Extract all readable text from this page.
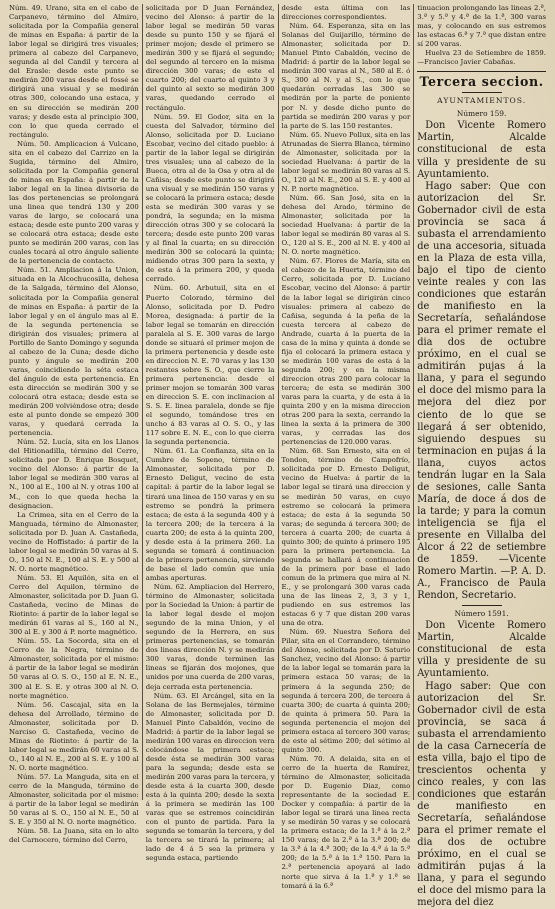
Núm. 49. Urano, sita en el cabo de Carpanevo, término del Almiro, solicitada por la Compañia general de minas en España: á partir de la labor legal se dirigirá tres visuales; primera al cabezo del Carpanevo, segunda al del Candil y tercera al del Erasle: desde este punto se medirán 200 varas desde el fossé se dirigirá una visual y se medirán otras 300, colocando una estaca, y en su dirección se medirán 200 varas; y desde esta al principio 300, con lo que queda cerrado el rectángulo.

Núm. 50. Amplicacion á Vulcano, sita en el cabezo del Carrizo en la Sugida, término del Almiro, solicitada por la Compañia general de minas en España: á partir de la labor legal en la linea divisoria de las dos pertenencias se prolongará una linea que tendrá 130 y 200 varas de largo, se colocará una estaca; desde este punto 200 varas y se colocará otra estaca; desde este punto se medirán 200 varas, con las cuales tocará al otro ángulo saliente de la pertenencia de contacto.

Núm. 51. Ampliacion á la Union, situada en la Alcochucosilla, dehesa de la Salgada, término del Alonso, solicitada por la Compañia general de minas en España: á partir de la labor legal y en el ángulo mas al E. de la segunda pertenencia se dirigirán dos visuales; primera al Portillo de Santo Domingo y segunda al cabezo de la Cuna; desde dicho punto y ángulo se medirán 200 varas, coincidiendo la séta estaca del ángulo de esta pertenencia. En esta dirección se medirán 300 y se colocará otra estaca; desde esta se medirán 200 volviéndose otra; desde este al punto donde se empezó 300 varas, y quedará cerrada la pertenencia.

Núm. 52. Lucía, sita en los Llanos del Hitionadilla, término del Cerro, solicitada por D. Enrique Bosquet, vecino del Alonso: á partir de la labor legal se medirán 300 varas al N., 100 al E., 100 al N. y otras 100 al M., con lo que queda hecha la designacion.

La Crimea, sita en el Cerro de la Manguada, término de Almonaster, solicitada por D. Juan A. Castañeda, vecino de Hoffistado: á partir de la labor legal se medirán 50 varas al S. O., 150 al N. E., 100 al S. E. y 500 al N. O. norte magnético.

Núm. 53. El Aquilón, sita en el Cerro del Aquilon, término de Almonaster, solicitada por D. Juan G. Castañeda, vecino de Minas de Riotinto: á partir de la labor legal se medirán 61 varas al S., 160 al N., 300 al E. y 300 á P. norte magnético.

Núm. 55. La Socorda, sita en el Cerro de la Negra, término de Almonaster, solicitada por el mismo: á partir de la labor legal se medirán 50 varas al O. S. O., 150 al E. N. E., 300 al E. S. E. y otras 300 al N. O. norte magnético.

Núm. 56. Cascajal, sita en la dehesa del Arrollado, término de Almonaster, solicitada por D. Narciso G. Castañeda, vecino de Minas de Riotinto: á partir de la labor legal se medirán 60 varas al S. O., 140 al N. E., 200 al S. E. y 100 al N. O. norte magnético.

Núm. 57. La Manguda, sita en el cerro de la Manguda, término de Almonaster, solicitada por el mismo: á partir de la labor legal se medirán 50 varas al S. O., 150 al N. E., 50 al S. E. y 350 al N. O. norte magnético.

Núm. 58. La Juana, sita en lo alto del Carnocero, término del Cerro,

solicitada por D Juan Fernández, vecino del Alonso: á partir de la labor legal se medirán 50 varas desde su punto 150 y se fijará el primer mojon; desde el primero se medirán 300 y se fijará el segundo; del segundo al tercero en la misma dirección 300 varas; de este el cuarto 200; del cuarto al quinto 3 y del quinto al sexto se medirán 300 varas, quedando cerrado el rectángulo.

Núm. 59. El Godor, sita en la cuesta del Salvador, término del Alonso, solicitada por D. Luciano Escobar, vecino del citado pueblo: á partir de la labor legal se dirigirán tres visuales; una al cabezo de la Bueca, otra al de la Osa y otra al de Cañisa; desde este punto se dirigirá una visual y se medirán 150 varas y se colocará la primera estaca; desde esta se medirán 300 varas y se pondrá, la segunda; en la misma dirección otras 300 y se colocará la tercera; desde este punto 200 varas y al final la cuarta; en su dirección medirán 300 se colocará la quinta; midiendo otras 300 para la sexta, y de esta á la primera 200, y queda cerrado.

Núm. 60. Arbutuil, sita en el Puerto Colorado, término del Alonso, solicitada por D. Pedro Morea, designada: á partir de la labor legal se tomarán en dirección paralela al S. E. 300 varas de largo donde se situará el primer mojon de la primera pertenencia y desde este en direccion N. E. 70 varas y las 130 restantes sobre S. O., que cierre la primera pertenencia: desde el primer mojon se tomarán 300 varas en direccion S. E. con inclinacion al S. S. E. linea paralela, donde se fije el segundo, tomándose tres en uncho á 83 varas al O. S. O., y las 117 sobre E. N. E., con lo que cierra la segunda pertenencia.

Núm. 61. La Confianza, sita en la Cumbre de Sopeno, término de Almonaster, solicitada por D. Ernesto Deligut, vecino de esta capital: á partir de la labor legal se tirará una linea de 150 varas y en su estremo se pondrá la primera estaca; de esta á la segunda 400 y á la tercera 200; de la tercera á la cuarta 200; de esta á la quinta 200, y desde esta á la primera 260. La segunda se tomará á continuacion de la primera pertenencia, sirviendo de base el lado común que unía ambas aperturas.

Núm. 62. Ampliacion del Herrero, término de Almonaster, solicitada por la Sociedad la Union: á partir de la labor legal desde el mojon segundo de la mina Union, y el segundo de la Herrera, en sus primeras pertenencias, se tomarán dos lineas dirección N. y se medirán 300 varas, donde terminen las lineas se fijarán dos mojones, que unidos por una cuerda de 200 varas, deja cerrada esta pertenencia.

Núm. 63. El Arcángel, sita en la Solana de las Bermejales, término de Almonaster, solicitada por D. Manuel Pinto Cabaldón, vecino de Madrid: á partir de la labor legal se medirán 100 varas en direccion vera colocándose la primera estaca; desde ésta se medirán 300 varas para la segunda; desde esta se medirán 200 varas para la tercera, y desde esta á la cuarta 300, desde esta á la quinta 200; desde la sexta á la primera se medirán las 100 varas que se estremos coincidirán con el punto de partida. Para la segunda se tomarán la tercera, y del la tercera se tirará la primera; al lado de 4 á 5 sea la primera y segunda estaca, partiendo

desde esta última con las direcciones correspondientes.

Núm. 64. Esperanza, sita en las Solanas del Guijarillo, término de Almonaster, solicitada por D. Manuel Pinto Cabaldón, vecino de Madrid: á partir de la labor legal se medirán 300 varas al N., 580 al E. ó S., 300 al N. y al S., con lo que quedarán cerradas las 300 se medirán por la parte de poniente por N. y desde dicho punto de partida se medirán 200 varas y por la parte de S. las 150 restantes.

Núm. 65. Nuevo Pollux, sita en las Atrunadas de Sierra Blanca, término de Almonaster, solicitada por la sociedad Huelvana: á partir de la labor legal se medirán 80 varas al S. O., 120 al N. E., 200 al S. E. y 400 al N. P. norte magnético.

Núm. 66. San José, sita en la dehesa del Arado, término de Almonaster, solicitada por la sociedad Huelvana: á partir de la labor legal se medirán 80 varas al S. O., 120 al S. E., 200 al N. E. y 400 al N. O. norte magnético.

Núm. 67. Flores de María, sita en el cabezo de la Huerta, término del Cerro, solicitada por D. Luciano Escobar, vecino del Alonso: á partir de la labor legal se dirigirán cinco visuales: primera al cabezo de Cañisa, segunda á la peña de la cuesta tercera al cabezo de Andrade, cuarta á la puerta de la casa de la mina y quinta á donde se fija el colocará la primera estaca y se medirán 100 varas de esta á la segunda 200; y en la misma direccion otras 200 para colocar la tercera; de esta se medirán 300 varas para la cuarta, y de esta á la quinta 200 y en la misma direccion otras 200 para la sexta, cerrando la linea la sexta á la primera de 300 varas, y cerradas las dos pertenencias de 120.000 varas.

Núm. 68. San Ernesto, sita en el Tondon, término de Campofrío, solicitada por D. Ernesto Deligut, vecino de Huelva: á partir de la labor legal se tirará una direccion y se medirán 50 varas, en cuyo estremo se colocará la primera estaca; de esta á la segunda 50 varas; de segunda á tercera 300; de tercera á cuarta 200; de cuarta á quinto 300; de quinto á primero 195 para la primera pertenencia. La segunda se hallará á continuacion de la primera por base el lado comun de la primera que mira al N. E., y se prolongará 300 varas cada una de las lineas 2, 3, 3 y 1, pudiendo en sus estremos las estacas 6 y 7 que distan 200 varas una de otra.

Núm. 69. Nuestra Señora del Pilar, sita en el Corrandero, término del Alonso, solicitada por D. Saturio Sanchez, vecino del Alonso: á partir de la labor legal se tomarán para la primera estaca 50 varas; de la primera á la segunda 250; de segunda á tercera 200, de tercera á cuarta 300; de cuarta á quinta 200; de quinta á primera 50. Para la segunda pertenencia el mojon del primera estaca al tercero 300 varas; de este al sétimo 200; del sétimo al quinto 300.

Núm. 70. A delaida, sita en el cerro de la huerta de Ramírez, término de Almonaster, solicitada por D. Eugenio Diaz, como representante de la sociedad E. Docker y compañía: á partir de la labor legal se tirará una linea recta y se medirán 50 varas y se colocará la primera estaca; de la 1.ª á la 2.ª 150 varas; de la 2.ª á la 3.ª 200; de la 3.ª á la 4.ª 300; de la 4.ª á la 5.ª 200; de la 5.ª á la 1.ª 150. Para la 2.ª pertenencia apoyará al lado norte que sirva á la 1.ª y 1.ª se tomará á la 6.ª

tinuacion prolongando las lineas 2.ª, 3.ª y 5.ª y 4.ª de la 1.ª, 300 varas mas, y colocando en sus estremos las estacas 6.ª y 7.ª que distan entre sí 200 varas.

Huelva 23 de Setiembre de 1859. —Francisco Javier Cabañas.

Tercera seccion.
AYUNTAMIENTOS.
Número 159.

Don Vicente Romero Martin, Alcalde constitucional de esta villa y presidente de su Ayuntamiento.

Hago saber: Que con autorizacion del Sr. Gobernador civil de esta provincia se saca á subasta el arrendamiento de una accesoria, situada en la Plaza de esta villa, bajo el tipo de ciento veinte reales y con las condiciones que estarán de manifiesto en la Secretaría, señalándose para el primer remate el dia dos de octubre próximo, en el cual se admitirán pujas á la llana, y para el segundo el doce del mismo para la mejora del diez por ciento de lo que se llegará á ser obtenido, siguiendo despues su terminacion en pujas á la llana, cuyos actos tendrán lugar en la Sala de sesiones, calle Santa María, de doce á dos de la tarde; y para la comun inteligencia se fija el presente en Villalba del Alcor á 22 de setiembre de 1859. —Vicente Romero Martin. —P. A. D. A., Francisco de Paula Rendon, Secretario.

Número 1591.

Don Vicente Romero Martin, Alcalde constitucional de esta villa y presidente de su Ayuntamiento.

Hago saber: Que con autorizacion del Sr. Gobernador civil de esta provincia, se saca á subasta el arrendamiento de la casa Carnecería de esta villa, bajo el tipo de trescientos ochenta y cinco reales, y con las condiciones que estarán de manifiesto en Secretaría, señalándose para el primer remate el dia dos de octubre próximo, en el cual se admitirán pujas á la llana, y para el segundo el doce del mismo para la mejora del diez
